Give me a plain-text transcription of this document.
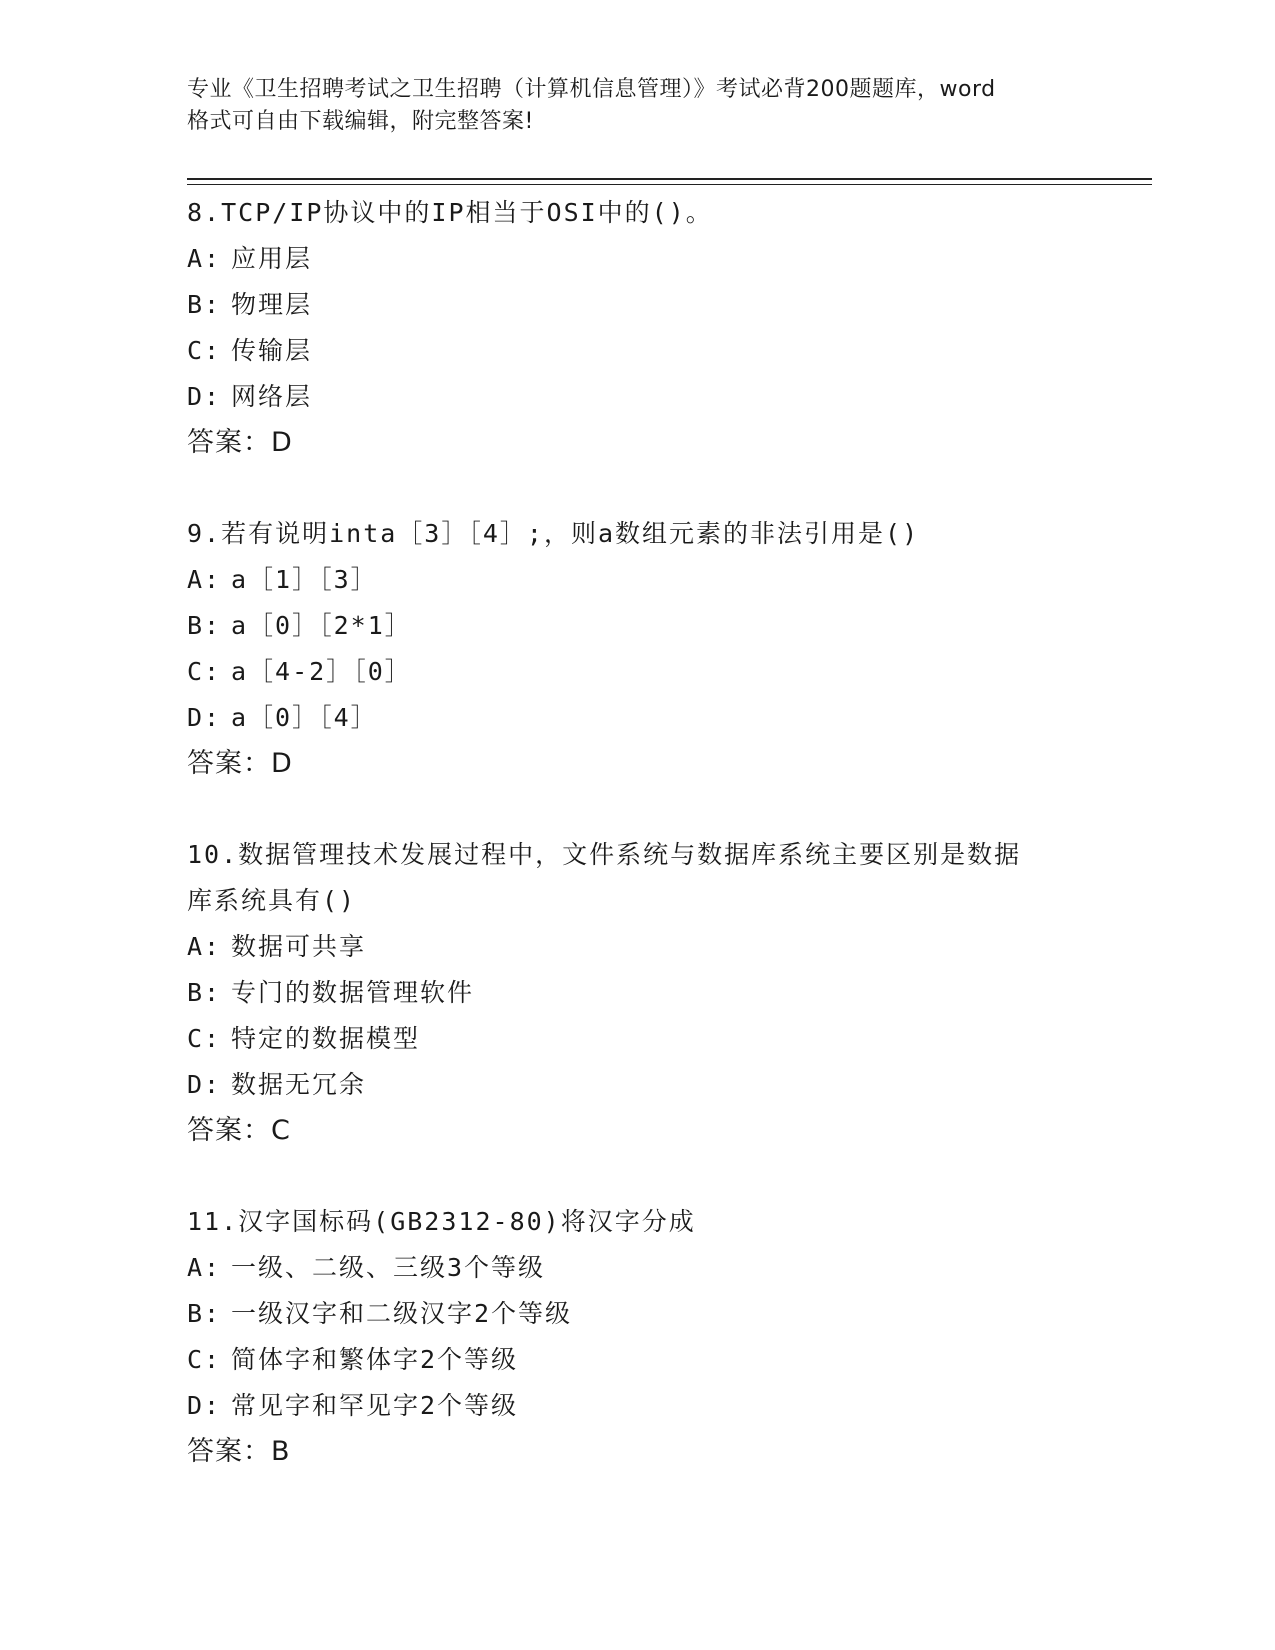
专业《卫生招聘考试之卫生招聘（计算机信息管理）》考试必背200题题库，word
格式可自由下载编辑，附完整答案!
8.TCP/IP协议中的IP相当于OSI中的()。
A: 应用层
B: 物理层
C: 传输层
D: 网络层
答案：D
9.若有说明inta［3］［4］;，则a数组元素的非法引用是()
A: a［1］［3］
B: a［0］［2*1］
C: a［4-2］［0］
D: a［0］［4］
答案：D
10.数据管理技术发展过程中，文件系统与数据库系统主要区别是数据
库系统具有()
A: 数据可共享
B: 专门的数据管理软件
C: 特定的数据模型
D: 数据无冗余
答案：C
11.汉字国标码(GB2312-80)将汉字分成
A: 一级、二级、三级3个等级
B: 一级汉字和二级汉字2个等级
C: 简体字和繁体字2个等级
D: 常见字和罕见字2个等级
答案：B
